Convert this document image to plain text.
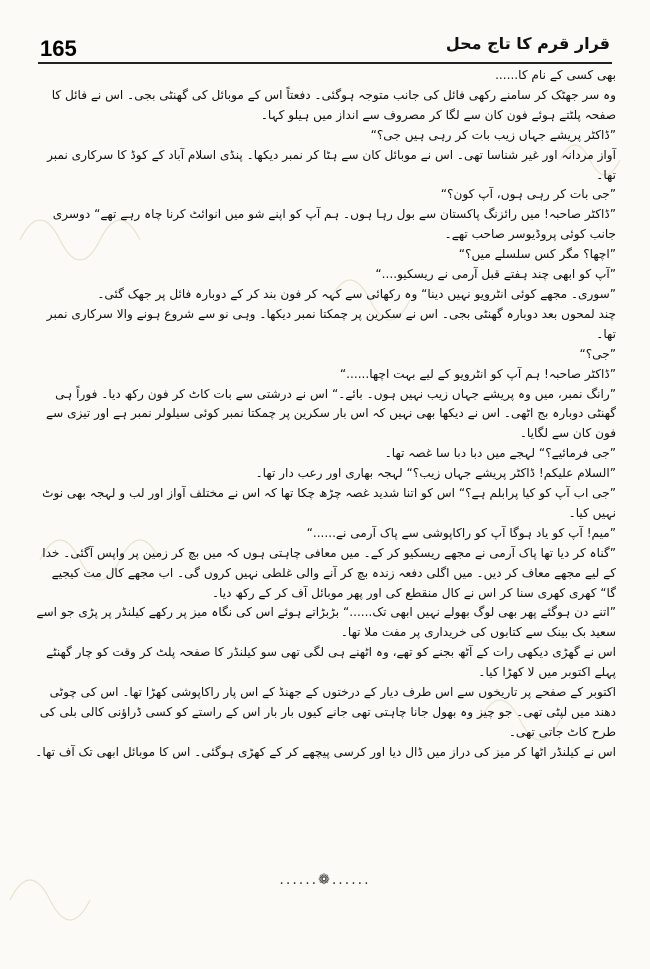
165	قرار قرم کا تاج محل

بھی کسی کے نام کا......

وہ سر جھٹک کر سامنے رکھی فائل کی جانب متوجہ ہوگئی۔ دفعتاً اس کے موبائل کی گھنٹی بجی۔ اس نے فائل کا صفحہ پلٹتے ہوئے فون کان سے لگا کر مصروف سے انداز میں ہیلو کہا۔

”ڈاکٹر پریشے جہاں زیب بات کر رہی ہیں جی؟“

آواز مردانہ اور غیر شناسا تھی۔ اس نے موبائل کان سے ہٹا کر نمبر دیکھا۔ پنڈی اسلام آباد کے کوڈ کا سرکاری نمبر تھا۔

”جی بات کر رہی ہوں، آپ کون؟“

”ڈاکٹر صاحبہ! میں رائزنگ پاکستان سے بول رہا ہوں۔ ہم آپ کو اپنے شو میں انوائٹ کرنا چاہ رہے تھے“ دوسری جانب کوئی پروڈیوسر صاحب تھے۔

”اچھا؟ مگر کس سلسلے میں؟“

”آپ کو ابھی چند ہفتے قبل آرمی نے ریسکیو....“

”سوری۔ مجھے کوئی انٹرویو نہیں دینا“ وہ رکھائی سے کہہ کر فون بند کر کے دوبارہ فائل پر جھک گئی۔

چند لمحوں بعد دوبارہ گھنٹی بجی۔ اس نے سکرین پر چمکتا نمبر دیکھا۔ وہی نو سے شروع ہونے والا سرکاری نمبر تھا۔

”جی؟“

”ڈاکٹر صاحبہ! ہم آپ کو انٹرویو کے لیے بہت اچھا......“

”رانگ نمبر، میں وہ پریشے جہاں زیب نہیں ہوں۔ بائے۔“ اس نے درشتی سے بات کاٹ کر فون رکھ دیا۔ فوراً ہی گھنٹی دوبارہ بج اٹھی۔ اس نے دیکھا بھی نہیں کہ اس بار سکرین پر چمکتا نمبر کوئی سیلولر نمبر ہے اور تیزی سے فون کان سے لگایا۔

”جی فرمائیے؟“ لہجے میں دبا دبا سا غصہ تھا۔

”السلام علیکم! ڈاکٹر پریشے جہاں زیب؟“ لہجہ بھاری اور رعب دار تھا۔

”جی اب آپ کو کیا پرابلم ہے؟“ اس کو اتنا شدید غصہ چڑھ چکا تھا کہ اس نے مختلف آواز اور لب و لہجہ بھی نوٹ نہیں کیا۔

”میم! آپ کو یاد ہوگا آپ کو راکاپوشی سے پاک آرمی نے......“

”گناہ کر دیا تھا پاک آرمی نے مجھے ریسکیو کر کے۔ میں معافی چاہتی ہوں کہ میں بچ کر زمین پر واپس آگئی۔ خدا کے لیے مجھے معاف کر دیں۔ میں اگلی دفعہ زندہ بچ کر آنے والی غلطی نہیں کروں گی۔ اب مجھے کال مت کیجیے گا“ کھری کھری سنا کر اس نے کال منقطع کی اور پھر موبائل آف کر کے رکھ دیا۔

”اتنے دن ہوگئے پھر بھی لوگ بھولے نہیں ابھی تک......“ بڑبڑاتے ہوئے اس کی نگاہ میز پر رکھے کیلنڈر پر پڑی جو اسے سعید بک بینک سے کتابوں کی خریداری پر مفت ملا تھا۔

اس نے گھڑی دیکھی رات کے آٹھ بجنے کو تھے، وہ اٹھنے ہی لگی تھی سو کیلنڈر کا صفحہ پلٹ کر وقت کو چار گھنٹے پہلے اکتوبر میں لا کھڑا کیا۔

اکتوبر کے صفحے پر تاریخوں سے اس طرف دیار کے درختوں کے جھنڈ کے اس پار راکاپوشی کھڑا تھا۔ اس کی چوٹی دھند میں لپٹی تھی۔ جو چیز وہ بھول جانا چاہتی تھی جانے کیوں بار بار اس کے راستے کو کسی ڈراؤنی کالی بلی کی طرح کاٹ جاتی تھی۔

اس نے کیلنڈر اٹھا کر میز کی دراز میں ڈال دیا اور کرسی پیچھے کر کے کھڑی ہوگئی۔ اس کا موبائل ابھی تک آف تھا۔

......❁......
